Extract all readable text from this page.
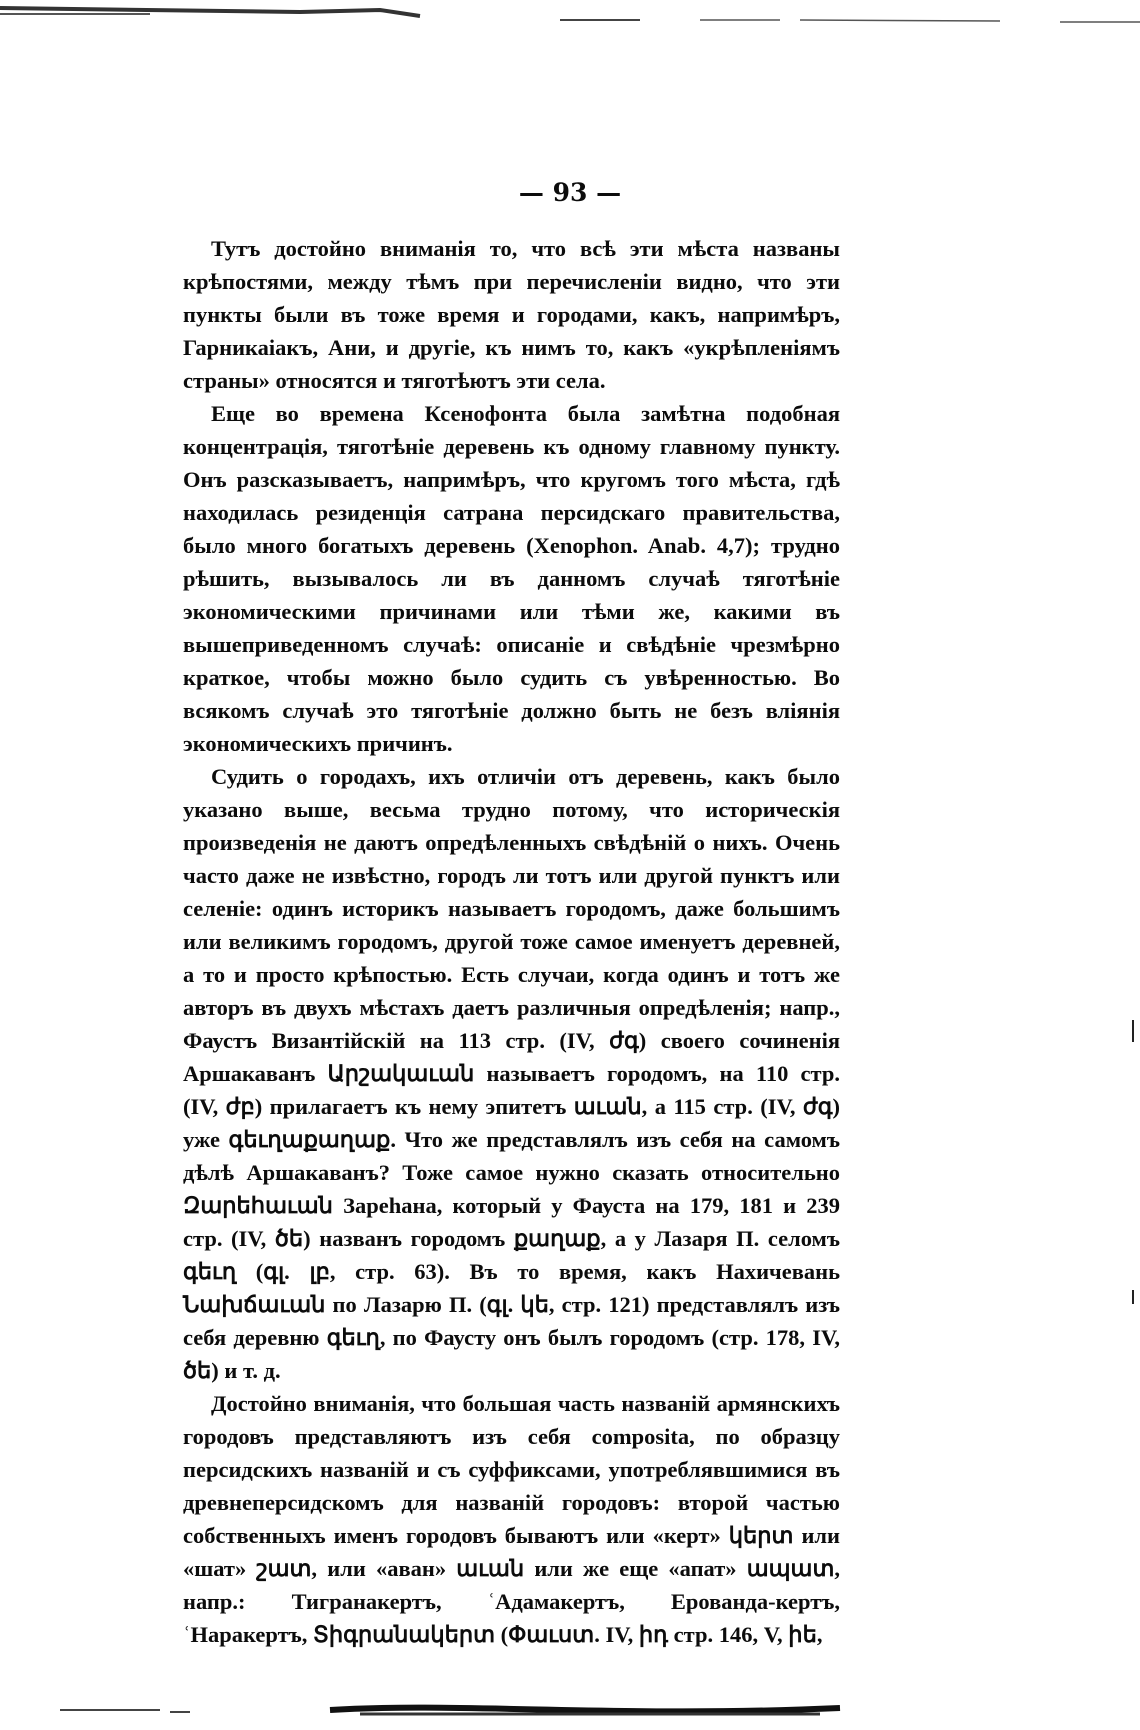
— 93 —

Тутъ достойно вниманія то, что всѣ эти мѣста названы крѣпостями, между тѣмъ при перечисленіи видно, что эти пункты были въ тоже время и городами, какъ, напримѣръ, Гарникаіакъ, Ани, и другіе, къ нимъ то, какъ «укрѣпленіямъ страны» относятся и тяготѣютъ эти села.

Еще во времена Ксенофонта была замѣтна подобная концентрація, тяготѣніе деревень къ одному главному пункту. Онъ разсказываетъ, напримѣръ, что кругомъ того мѣста, гдѣ находилась резиденція сатрана персидскаго правительства, было много богатыхъ деревень (Xenophon. Anab. 4,7); трудно рѣшить, вызывалось ли въ данномъ случаѣ тяготѣніе экономическими причинами или тѣми же, какими въ вышеприведенномъ случаѣ: описаніе и свѣдѣніе чрезмѣрно краткое, чтобы можно было судить съ увѣренностью. Во всякомъ случаѣ это тяготѣніе должно быть не безъ вліянія экономическихъ причинъ.

Судить о городахъ, ихъ отличіи отъ деревень, какъ было указано выше, весьма трудно потому, что историческія произведенія не даютъ опредѣленныхъ свѣдѣній о нихъ. Очень часто даже не извѣстно, городъ ли тотъ или другой пунктъ или селеніе: одинъ историкъ называетъ городомъ, даже большимъ или великимъ городомъ, другой тоже самое именуетъ деревней, а то и просто крѣпостью. Есть случаи, когда одинъ и тотъ же авторъ въ двухъ мѣстахъ даетъ различныя опредѣленія; напр., Фаустъ Византійскій на 113 стр. (IV, ժգ) своего сочиненія Аршакаванъ Արշակաւան называетъ городомъ, на 110 стр. (IV, ժբ) прилагаетъ къ нему эпитетъ աւան, а 115 стр. (IV, ժգ) уже գեւղաքաղաք. Что же представлялъ изъ себя на самомъ дѣлѣ Аршакаванъ? Тоже самое нужно сказать относительно Զարեհաւան Зареhана, который у Фауста на 179, 181 и 239 стр. (IV, ծե) названъ городомъ քաղաք, а у Лазаря П. селомъ գեւղ (գլ. լբ, стр. 63). Въ то время, какъ Нахичевань Նախճաւան по Лазарю П. (գլ. կե, стр. 121) представлялъ изъ себя деревню գեւղ, по Фаусту онъ былъ городомъ (стр. 178, IV, ծե) и т. д.

Достойно вниманія, что большая часть названій армянскихъ городовъ представляютъ изъ себя composita, по образцу персидскихъ названій и съ суффиксами, употреблявшимися въ древнеперсидскомъ для названій городовъ: второй частью собственныхъ именъ городовъ бываютъ или «керт» կերտ или «шат» շատ, или «аван» աւան или же еще «апат» ապատ, напр.: Тигранакертъ, ʿАдамакертъ, Ерованда-кертъ, ʿНаракертъ, Տիգրանակերտ (Փաւստ. IV, իդ стр. 146, V, իե,
